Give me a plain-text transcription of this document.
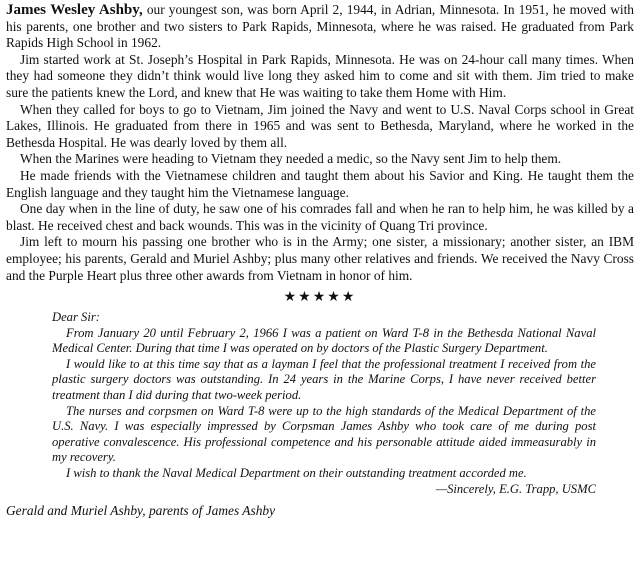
James Wesley Ashby, our youngest son, was born April 2, 1944, in Adrian, Minnesota. In 1951, he moved with his parents, one brother and two sisters to Park Rapids, Minnesota, where he was raised. He graduated from Park Rapids High School in 1962.

Jim started work at St. Joseph’s Hospital in Park Rapids, Minnesota. He was on 24-hour call many times. When they had someone they didn’t think would live long they asked him to come and sit with them. Jim tried to make sure the patients knew the Lord, and knew that He was waiting to take them Home with Him.

When they called for boys to go to Vietnam, Jim joined the Navy and went to U.S. Naval Corps school in Great Lakes, Illinois. He graduated from there in 1965 and was sent to Bethesda, Maryland, where he worked in the Bethesda Hospital. He was dearly loved by them all.

When the Marines were heading to Vietnam they needed a medic, so the Navy sent Jim to help them.

He made friends with the Vietnamese children and taught them about his Savior and King. He taught them the English language and they taught him the Vietnamese language.

One day when in the line of duty, he saw one of his comrades fall and when he ran to help him, he was killed by a blast. He received chest and back wounds. This was in the vicinity of Quang Tri province.

Jim left to mourn his passing one brother who is in the Army; one sister, a missionary; another sister, an IBM employee; his parents, Gerald and Muriel Ashby; plus many other relatives and friends. We received the Navy Cross and the Purple Heart plus three other awards from Vietnam in honor of him.

★★★★★

Dear Sir:

From January 20 until February 2, 1966 I was a patient on Ward T-8 in the Bethesda National Naval Medical Center. During that time I was operated on by doctors of the Plastic Surgery Department.

I would like to at this time say that as a layman I feel that the professional treatment I received from the plastic surgery doctors was outstanding. In 24 years in the Marine Corps, I have never received better treatment than I did during that two-week period.

The nurses and corpsmen on Ward T-8 were up to the high standards of the Medical Department of the U.S. Navy. I was especially impressed by Corpsman James Ashby who took care of me during post operative convalescence. His professional competence and his personable attitude aided immeasurably in my recovery.

I wish to thank the Naval Medical Department on their outstanding treatment accorded me.

—Sincerely, E.G. Trapp, USMC

Gerald and Muriel Ashby, parents of James Ashby
